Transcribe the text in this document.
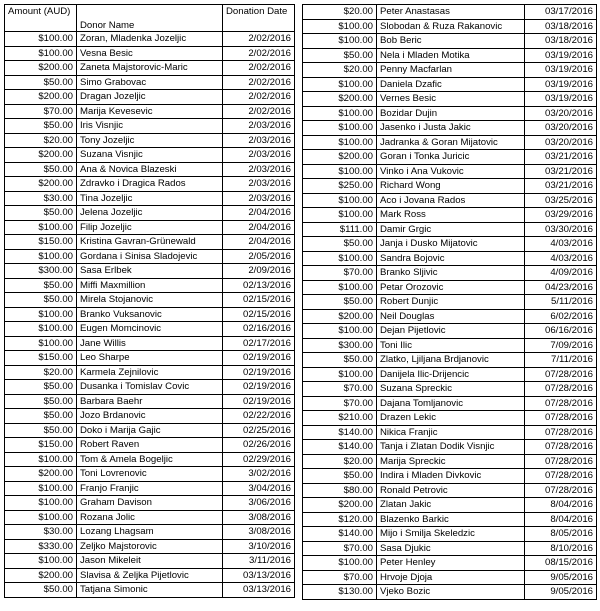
Amount (AUD)	Donor Name	Donation Date
$100.00	Zoran, Mladenka Jozeljic	2/02/2016
$100.00	Vesna Besic	2/02/2016
$200.00	Zaneta Majstorovic-Maric	2/02/2016
$50.00	Simo Grabovac	2/02/2016
$200.00	Dragan Jozeljic	2/02/2016
$70.00	Marija Kevesevic	2/02/2016
$50.00	Iris Visnjic	2/03/2016
$20.00	Tony Jozeljic	2/03/2016
$200.00	Suzana Visnjic	2/03/2016
$50.00	Ana & Novica Blazeski	2/03/2016
$200.00	Zdravko i Dragica Rados	2/03/2016
$30.00	Tina Jozeljic	2/03/2016
$50.00	Jelena Jozeljic	2/04/2016
$100.00	Filip Jozeljic	2/04/2016
$150.00	Kristina Gavran-Grünewald	2/04/2016
$100.00	Gordana i Sinisa Sladojevic	2/05/2016
$300.00	Sasa Erlbek	2/09/2016
$50.00	Miffi Maxmillion	02/13/2016
$50.00	Mirela Stojanovic	02/15/2016
$100.00	Branko Vuksanovic	02/15/2016
$100.00	Eugen Momcinovic	02/16/2016
$100.00	Jane Willis	02/17/2016
$150.00	Leo Sharpe	02/19/2016
$20.00	Karmela Zejnilovic	02/19/2016
$50.00	Dusanka i Tomislav Covic	02/19/2016
$50.00	Barbara Baehr	02/19/2016
$50.00	Jozo Brdanovic	02/22/2016
$50.00	Doko i Marija Gajic	02/25/2016
$150.00	Robert Raven	02/26/2016
$100.00	Tom & Amela Bogeljic	02/29/2016
$200.00	Toni Lovrenovic	3/02/2016
$100.00	Franjo Franjic	3/04/2016
$100.00	Graham Davison	3/06/2016
$100.00	Rozana Jolic	3/08/2016
$30.00	Lozang Lhagsam	3/08/2016
$330.00	Zeljko Majstorovic	3/10/2016
$100.00	Jason Mikeleit	3/11/2016
$200.00	Slavisa & Zeljka Pijetlovic	03/13/2016
$50.00	Tatjana Simonic	03/13/2016
$20.00	Peter Anastasas	03/17/2016
$100.00	Slobodan & Ruza Rakanovic	03/18/2016
$100.00	Bob Beric	03/18/2016
$50.00	Nela i Mladen Motika	03/19/2016
$20.00	Penny Macfarlan	03/19/2016
$100.00	Daniela Dzafic	03/19/2016
$200.00	Vernes Besic	03/19/2016
$100.00	Bozidar Dujin	03/20/2016
$100.00	Jasenko i Justa Jakic	03/20/2016
$100.00	Jadranka & Goran Mijatovic	03/20/2016
$200.00	Goran i Tonka Juricic	03/21/2016
$100.00	Vinko i Ana Vukovic	03/21/2016
$250.00	Richard Wong	03/21/2016
$100.00	Aco i Jovana Rados	03/25/2016
$100.00	Mark Ross	03/29/2016
$111.00	Damir Grgic	03/30/2016
$50.00	Janja i Dusko Mijatovic	4/03/2016
$100.00	Sandra Bojovic	4/03/2016
$70.00	Branko Sljivic	4/09/2016
$100.00	Petar Orozovic	04/23/2016
$50.00	Robert Dunjic	5/11/2016
$200.00	Neil Douglas	6/02/2016
$100.00	Dejan Pijetlovic	06/16/2016
$300.00	Toni Ilic	7/09/2016
$50.00	Zlatko, Ljiljana Brdjanovic	7/11/2016
$100.00	Danijela Ilic-Drijencic	07/28/2016
$70.00	Suzana Spreckic	07/28/2016
$70.00	Dajana Tomljanovic	07/28/2016
$210.00	Drazen Lekic	07/28/2016
$140.00	Nikica Franjic	07/28/2016
$140.00	Tanja i Zlatan Dodik Visnjic	07/28/2016
$20.00	Marija Spreckic	07/28/2016
$50.00	Indira i Mladen Divkovic	07/28/2016
$80.00	Ronald Petrovic	07/28/2016
$200.00	Zlatan Jakic	8/04/2016
$120.00	Blazenko Barkic	8/04/2016
$140.00	Mijo i Smilja Skeledzic	8/05/2016
$70.00	Sasa Djukic	8/10/2016
$100.00	Peter Henley	08/15/2016
$70.00	Hrvoje Djoja	9/05/2016
$130.00	Vjeko Bozic	9/05/2016
